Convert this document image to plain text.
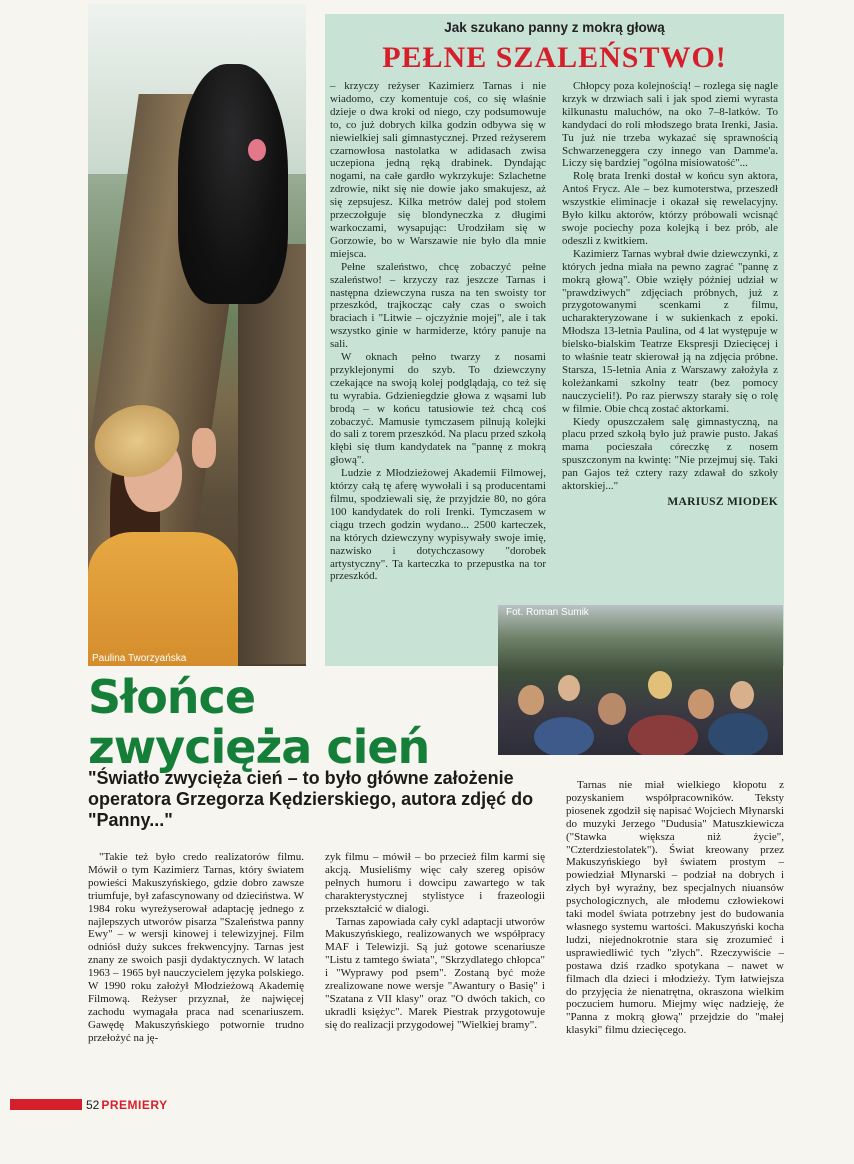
Paulina Tworzyańska
Jak szukano panny z mokrą głową
PEŁNE SZALEŃSTWO!

– krzyczy reżyser Kazimierz Tarnas i nie wiadomo, czy komentuje coś, co się właśnie dzieje o dwa kroki od niego, czy podsumowuje to, co już dobrych kilka godzin odbywa się w niewielkiej sali gimnastycznej. Przed reżyserem czarnowłosa nastolatka w adidasach zwisa uczepiona jedną ręką drabinek. Dyndając nogami, na całe gardło wykrzykuje: Szlachetne zdrowie, nikt się nie dowie jako smakujesz, aż się zepsujesz. Kilka metrów dalej pod stołem przeczołguje się blondyneczka z długimi warkoczami, wysapując: Urodziłam się w Gorzowie, bo w Warszawie nie było dla mnie miejsca.

Pełne szaleństwo, chcę zobaczyć pełne szaleństwo! – krzyczy raz jeszcze Tarnas i następna dziewczyna rusza na ten swoisty tor przeszkód, trajkocząc cały czas o swoich braciach i "Litwie – ojczyźnie mojej", ale i tak wszystko ginie w harmiderze, który panuje na sali.

W oknach pełno twarzy z nosami przyklejonymi do szyb. To dziewczyny czekające na swoją kolej podglądają, co też się tu wyrabia. Gdzieniegdzie głowa z wąsami lub brodą – w końcu tatusiowie też chcą coś zobaczyć. Mamusie tymczasem pilnują kolejki do sali z torem przeszkód. Na placu przed szkołą kłębi się tłum kandydatek na "pannę z mokrą głową".

Ludzie z Młodzieżowej Akademii Filmowej, którzy całą tę aferę wywołali i są producentami filmu, spodziewali się, że przyjdzie 80, no góra 100 kandydatek do roli Irenki. Tymczasem w ciągu trzech godzin wydano... 2500 karteczek, na których dziewczyny wypisywały swoje imię, nazwisko i dotychczasowy "dorobek artystyczny". Ta karteczka to przepustka na tor przeszkód.

Chłopcy poza kolejnością! – rozlega się nagle krzyk w drzwiach sali i jak spod ziemi wyrasta kilkunastu maluchów, na oko 7–8-latków. To kandydaci do roli młodszego brata Irenki, Jasia. Tu już nie trzeba wykazać się sprawnością Schwarzeneggera czy innego van Damme'a. Liczy się bardziej "ogólna misiowatość"...

Rolę brata Irenki dostał w końcu syn aktora, Antoś Frycz. Ale – bez kumoterstwa, przeszedł wszystkie eliminacje i okazał się rewelacyjny. Było kilku aktorów, którzy próbowali wcisnąć swoje pociechy poza kolejką i bez prób, ale odeszli z kwitkiem.

Kazimierz Tarnas wybrał dwie dziewczynki, z których jedna miała na pewno zagrać "pannę z mokrą głową". Obie wzięły później udział w "prawdziwych" zdjęciach próbnych, już z przygotowanymi scenkami z filmu, ucharakteryzowane i w sukienkach z epoki. Młodsza 13-letnia Paulina, od 4 lat występuje w bielsko-bialskim Teatrze Ekspresji Dziecięcej i to właśnie teatr skierował ją na zdjęcia próbne. Starsza, 15-letnia Ania z Warszawy założyła z koleżankami szkolny teatr (bez pomocy nauczycieli!). Po raz pierwszy starały się o rolę w filmie. Obie chcą zostać aktorkami.

Kiedy opuszczałem salę gimnastyczną, na placu przed szkołą było już prawie pusto. Jakaś mama pocieszała córeczkę z nosem spuszczonym na kwintę: "Nie przejmuj się. Taki pan Gajos też cztery razy zdawał do szkoły aktorskiej..."

MARIUSZ MIODEK
Fot. Roman Sumik
Słońce
zwycięża cień
"Światło zwycięża cień – to było główne założenie operatora Grzegorza Kędzierskiego, autora zdjęć do "Panny..."

"Takie też było credo realizatorów filmu. Mówił o tym Kazimierz Tarnas, który światem powieści Makuszyńskiego, gdzie dobro zawsze triumfuje, był zafascynowany od dzieciństwa. W 1984 roku wyreżyserował adaptację jednego z najlepszych utworów pisarza "Szaleństwa panny Ewy" – w wersji kinowej i telewizyjnej. Film odniósł duży sukces frekwencyjny. Tarnas jest znany ze swoich pasji dydaktycznych. W latach 1963 – 1965 był nauczycielem języka polskiego. W 1990 roku założył Młodzieżową Akademię Filmową. Reżyser przyznał, że najwięcej zachodu wymagała praca nad scenariuszem. Gawędę Makuszyńskiego potwornie trudno przełożyć na ję-

zyk filmu – mówił – bo przecież film karmi się akcją. Musieliśmy więc cały szereg opisów pełnych humoru i dowcipu zawartego w tak charakterystycznej stylistyce i frazeologii przekształcić w dialogi.

Tarnas zapowiada cały cykl adaptacji utworów Makuszyńskiego, realizowanych we współpracy MAF i Telewizji. Są już gotowe scenariusze "Listu z tamtego świata", "Skrzydlatego chłopca" i "Wyprawy pod psem". Zostaną być może zrealizowane nowe wersje "Awantury o Basię" i "Szatana z VII klasy" oraz "O dwóch takich, co ukradli księżyc". Marek Piestrak przygotowuje się do realizacji przygodowej "Wielkiej bramy".

Tarnas nie miał wielkiego kłopotu z pozyskaniem współpracowników. Teksty piosenek zgodził się napisać Wojciech Młynarski do muzyki Jerzego "Dudusia" Matuszkiewicza ("Stawka większa niż życie", "Czterdziestolatek"). Świat kreowany przez Makuszyńskiego był światem prostym – powiedział Młynarski – podział na dobrych i złych był wyraźny, bez specjalnych niuansów psychologicznych, ale młodemu człowiekowi taki model świata potrzebny jest do budowania własnego systemu wartości. Makuszyński kocha ludzi, niejednokrotnie stara się zrozumieć i usprawiedliwić tych "złych". Rzeczywiście – postawa dziś rzadko spotykana – nawet w filmach dla dzieci i młodzieży. Tym łatwiejsza do przyjęcia że nienatrętna, okraszona wielkim poczuciem humoru. Miejmy więc nadzieję, że "Panna z mokrą głową" przejdzie do "małej klasyki" filmu dziecięcego.

52 PREMIERY
